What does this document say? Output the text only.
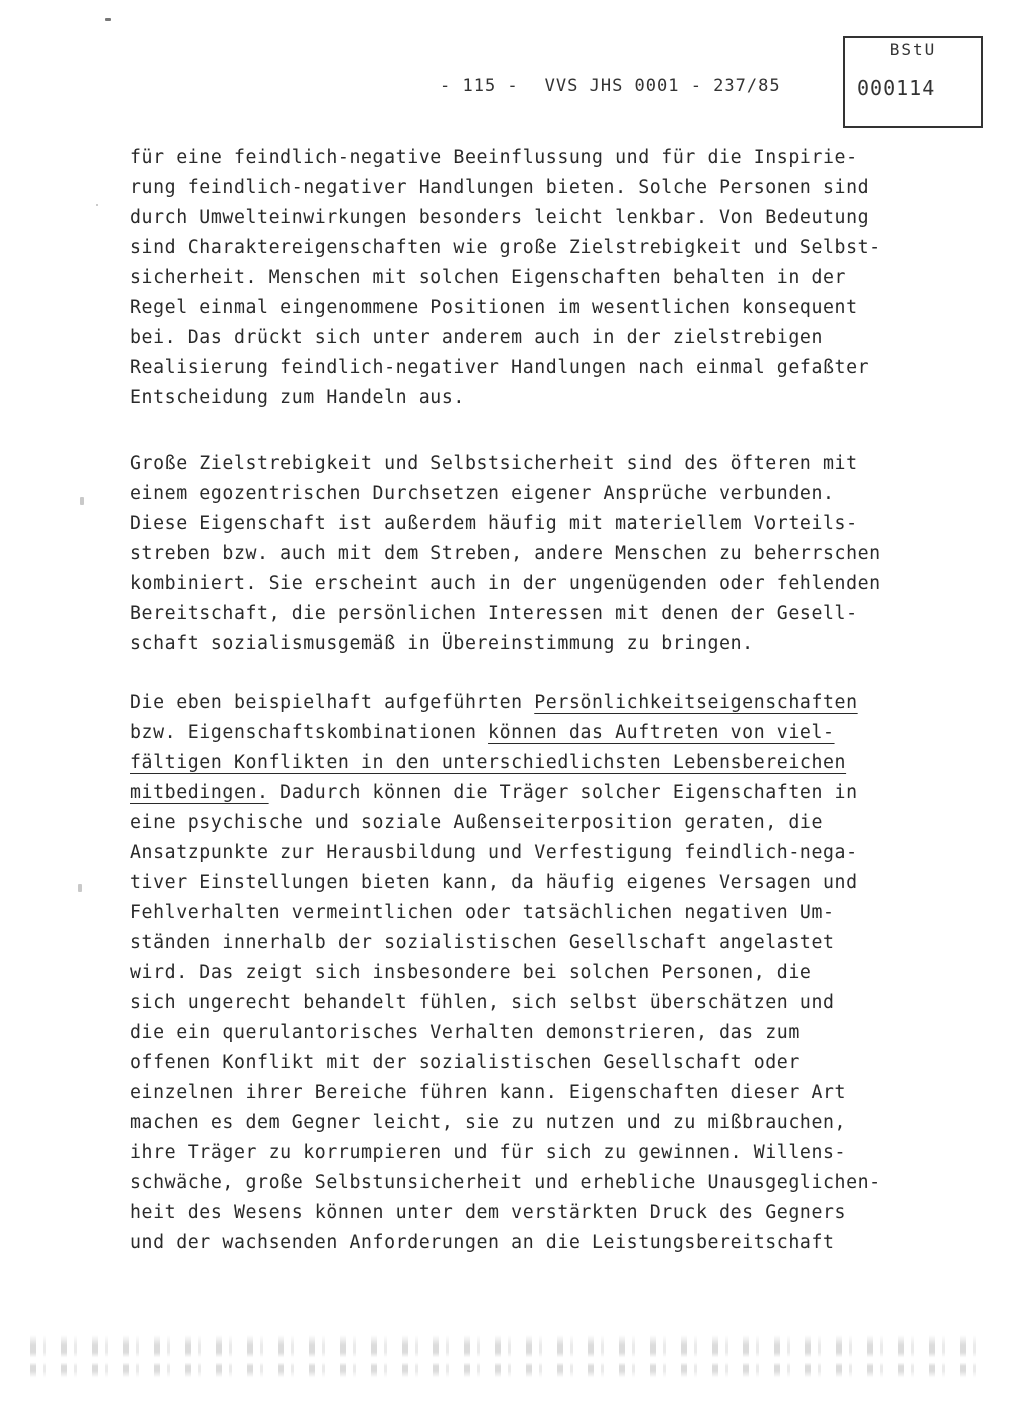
- 115 - VVS JHS 0001 - 237/85
BStU
000114
für eine feindlich-negative Beeinflussung und für die Inspirie-
rung feindlich-negativer Handlungen bieten. Solche Personen sind
durch Umwelteinwirkungen besonders leicht lenkbar. Von Bedeutung
sind Charaktereigenschaften wie große Zielstrebigkeit und Selbst-
sicherheit. Menschen mit solchen Eigenschaften behalten in der
Regel einmal eingenommene Positionen im wesentlichen konsequent
bei. Das drückt sich unter anderem auch in der zielstrebigen
Realisierung feindlich-negativer Handlungen nach einmal gefaßter
Entscheidung zum Handeln aus.
Große Zielstrebigkeit und Selbstsicherheit sind des öfteren mit
einem egozentrischen Durchsetzen eigener Ansprüche verbunden.
Diese Eigenschaft ist außerdem häufig mit materiellem Vorteils-
streben bzw. auch mit dem Streben, andere Menschen zu beherrschen
kombiniert. Sie erscheint auch in der ungenügenden oder fehlenden
Bereitschaft, die persönlichen Interessen mit denen der Gesell-
schaft sozialismusgemäß in Übereinstimmung zu bringen.
Die eben beispielhaft aufgeführten Persönlichkeitseigenschaften
bzw. Eigenschaftskombinationen können das Auftreten von viel-
fältigen Konflikten in den unterschiedlichsten Lebensbereichen
mitbedingen. Dadurch können die Träger solcher Eigenschaften in
eine psychische und soziale Außenseiterposition geraten, die
Ansatzpunkte zur Herausbildung und Verfestigung feindlich-nega-
tiver Einstellungen bieten kann, da häufig eigenes Versagen und
Fehlverhalten vermeintlichen oder tatsächlichen negativen Um-
ständen innerhalb der sozialistischen Gesellschaft angelastet
wird. Das zeigt sich insbesondere bei solchen Personen, die
sich ungerecht behandelt fühlen, sich selbst überschätzen und
die ein querulantorisches Verhalten demonstrieren, das zum
offenen Konflikt mit der sozialistischen Gesellschaft oder
einzelnen ihrer Bereiche führen kann. Eigenschaften dieser Art
machen es dem Gegner leicht, sie zu nutzen und zu mißbrauchen,
ihre Träger zu korrumpieren und für sich zu gewinnen. Willens-
schwäche, große Selbstunsicherheit und erhebliche Unausgeglichen-
heit des Wesens können unter dem verstärkten Druck des Gegners
und der wachsenden Anforderungen an die Leistungsbereitschaft
